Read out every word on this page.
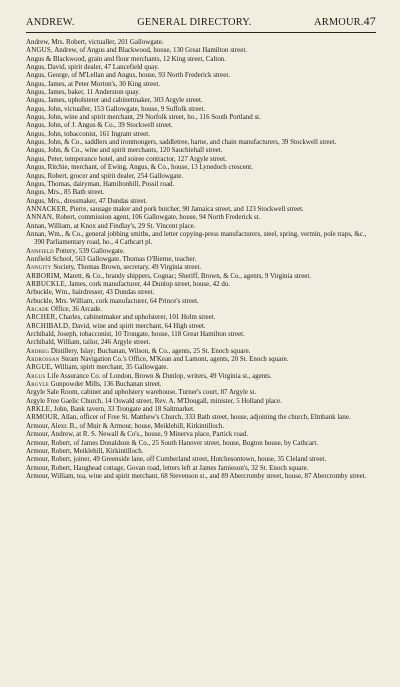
ANDREW.	GENERAL DIRECTORY.	ARMOUR. 47

Andrew, Mrs. Robert, victualler, 201 Gallowgate.

ANGUS, Andrew, of Angus and Blackwood, house, 130 Great Hamilton street.

Angus & Blackwood, grain and flour merchants, 12 King street, Calton.

Angus, David, spirit dealer, 47 Lancefield quay.

Angus, George, of M'Lellan and Angus, house, 93 North Frederick street.

Angus, James, at Peter Morton's, 30 King street.

Angus, James, baker, 11 Anderston quay.

Angus, James, upholsterer and cabinetmaker, 303 Argyle street.

Angus, John, victualler, 153 Gallowgate, house, 9 Suffolk street.

Angus, John, wine and spirit merchant, 29 Norfolk street, ho., 116 South Portland st.

Angus, John, of J. Angus & Co., 39 Stockwell street.

Angus, John, tobacconist, 161 Ingram street.

Angus, John, & Co., saddlers and ironmongers, saddletree, harne, and chain manufacturers, 39 Stockwell street.

Angus, John, & Co., wine and spirit merchants, 120 Sauchiehall street.

Angus, Peter, temperance hotel, and soiree contractor, 127 Argyle street.

Angus, Ritchie, merchant, of Ewing, Angus, & Co., house, 13 Lynedoch crescent.

Angus, Robert, grocer and spirit dealer, 254 Gallowgate.

Angus, Thomas, dairyman, Hamiltonhill, Possil road.

Angus, Mrs., 85 Bath street.

Angus, Mrs., dressmaker, 47 Dundas street.

ANNACKER, Pierre, sausage maker and pork butcher, 90 Jamaica street, and 123 Stockwell street.

ANNAN, Robert, commission agent, 106 Gallowgate, house, 94 North Frederick st.

Annan, William, at Knox and Findlay's, 29 St. Vincent place.

Annan, Wm., & Co., general jobbing smiths, and letter copying-press manufacturers, steel, spring, vermin, pole traps, &c., 390 Parliamentary road, ho., 4 Cathcart pl.

Annfield Pottery, 539 Gallowgate.

Annfield School, 563 Gallowgate, Thomas O'Bierne, teacher.

Annuity Society, Thomas Brown, secretary, 49 Virginia street.

ARBORIM, Marett, & Co., brandy shippers, Cognac; Sheriff, Brown, & Co., agents, 9 Virginia street.

ARBUCKLE, James, cork manufacturer, 44 Dunlop street, house, 42 do.

Arbuckle, Wm., hairdresser, 43 Dundas street.

Arbuckle, Mrs. William, cork manufacturer, 64 Prince's street.

Arcade Office, 36 Arcade.

ARCHER, Charles, cabinetmaker and upholsterer, 101 Holm street.

ARCHIBALD, David, wine and spirit merchant, 64 High street.

Archibald, Joseph, tobacconist, 10 Trongate, house, 118 Great Hamilton street.

Archibald, William, tailor, 246 Argyle street.

Ardbeg Distillery, Islay; Buchanan, Wilson, & Co., agents, 25 St. Enoch square.

Ardrossan Steam Navigation Co.'s Office, M'Kean and Lamont, agents, 20 St. Enoch square.

ARGUE, William, spirit merchant, 35 Gallowgate.

Argus Life Assurance Co. of London, Brown & Dunlop, writers, 49 Virginia st., agents.

Argyle Gunpowder Mills, 136 Buchanan street.

Argyle Sale Room, cabinet and upholstery warehouse, Turner's court, 87 Argyle st.

Argyle Free Gaelic Church, 14 Oswald street, Rev. A. M'Dougall, minister, 5 Holland place.

ARKLE, John, Bank tavern, 33 Trongate and 18 Saltmarket.

ARMOUR, Allan, officer of Free St. Matthew's Church, 333 Bath street, house, adjoining the church, Elmbank lane.

Armour, Alexr. B., of Muir & Armour, house, Meiklehill, Kirkintilloch.

Armour, Andrew, at R. S. Newall & Co's., house, 9 Minerva place, Partick road.

Armour, Robert, of James Donaldson & Co., 25 South Hanover street, house, Bogton house, by Cathcart.

Armour, Robert, Meiklehill, Kirkintilloch.

Armour, Robert, joiner, 49 Greenside lane, off Cumberland street, Hutchesontown, house, 35 Cleland street.

Armour, Robert, Haughead cottage, Govan road, letters left at James Jamieson's, 32 St. Enoch square.

Armour, William, tea, wine and spirit merchant, 68 Stevenson st., and 89 Abercromby street, house, 87 Abercromby street.
